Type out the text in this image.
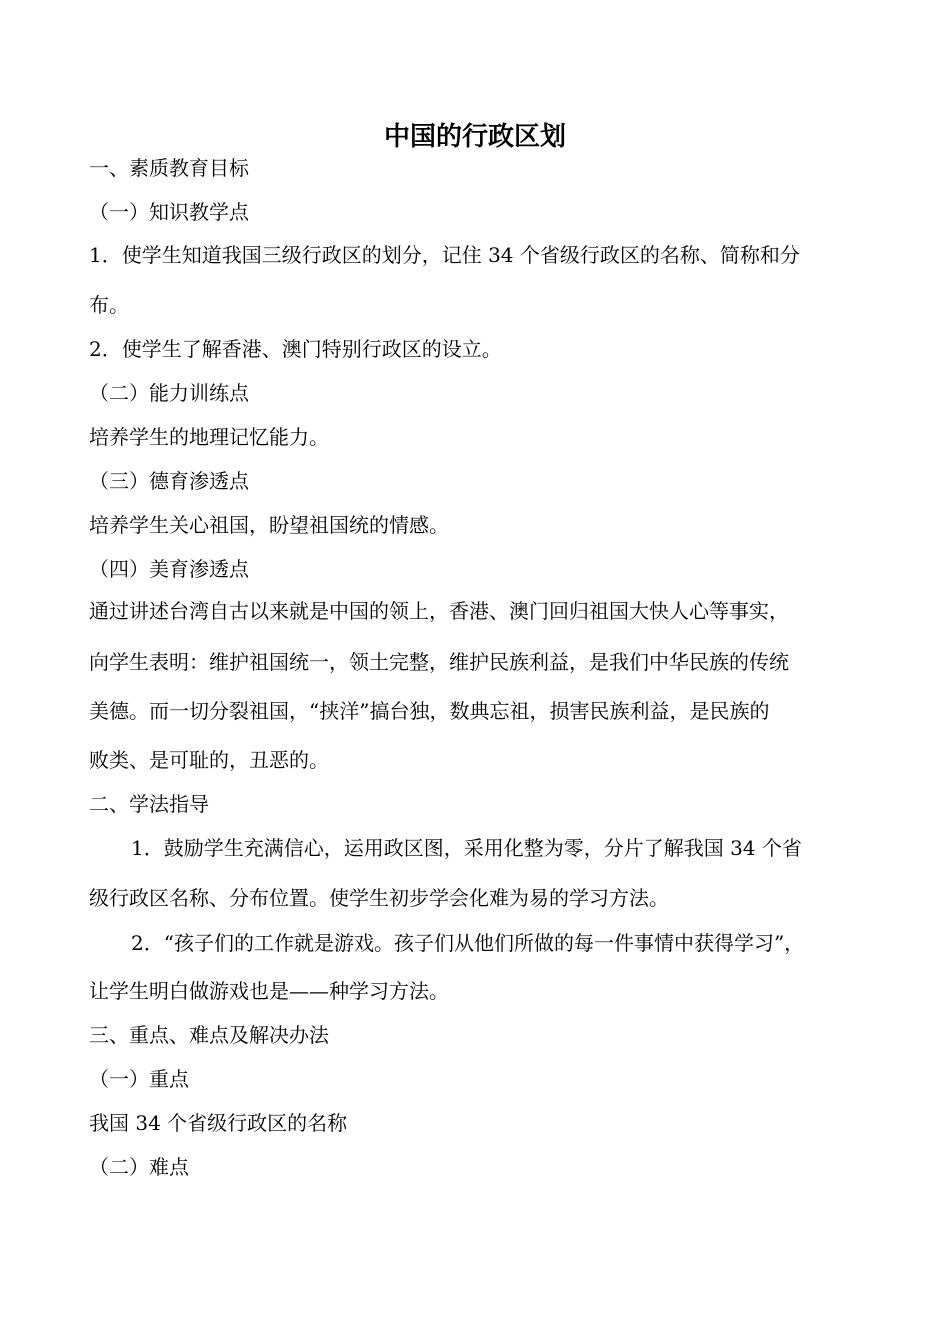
中国的行政区划
一、素质教育目标
（一）知识教学点
1．使学生知道我国三级行政区的划分，记住 34 个省级行政区的名称、简称和分
布。
2．使学生了解香港、澳门特别行政区的设立。
（二）能力训练点
培养学生的地理记忆能力。
（三）德育渗透点
培养学生关心祖国，盼望祖国统的情感。
（四）美育渗透点
通过讲述台湾自古以来就是中国的领上，香港、澳门回归祖国大快人心等事实，
向学生表明：维护祖国统一，领土完整，维护民族利益，是我们中华民族的传统
美德。而一切分裂祖国，“挟洋”搞台独，数典忘祖，损害民族利益，是民族的
败类、是可耻的，丑恶的。
二、学法指导
1．鼓励学生充满信心，运用政区图，采用化整为零，分片了解我国 34 个省
级行政区名称、分布位置。使学生初步学会化难为易的学习方法。
2．“孩子们的工作就是游戏。孩子们从他们所做的每一件事情中获得学习”，
让学生明白做游戏也是——种学习方法。
三、重点、难点及解决办法
（一）重点
我国 34 个省级行政区的名称
（二）难点
